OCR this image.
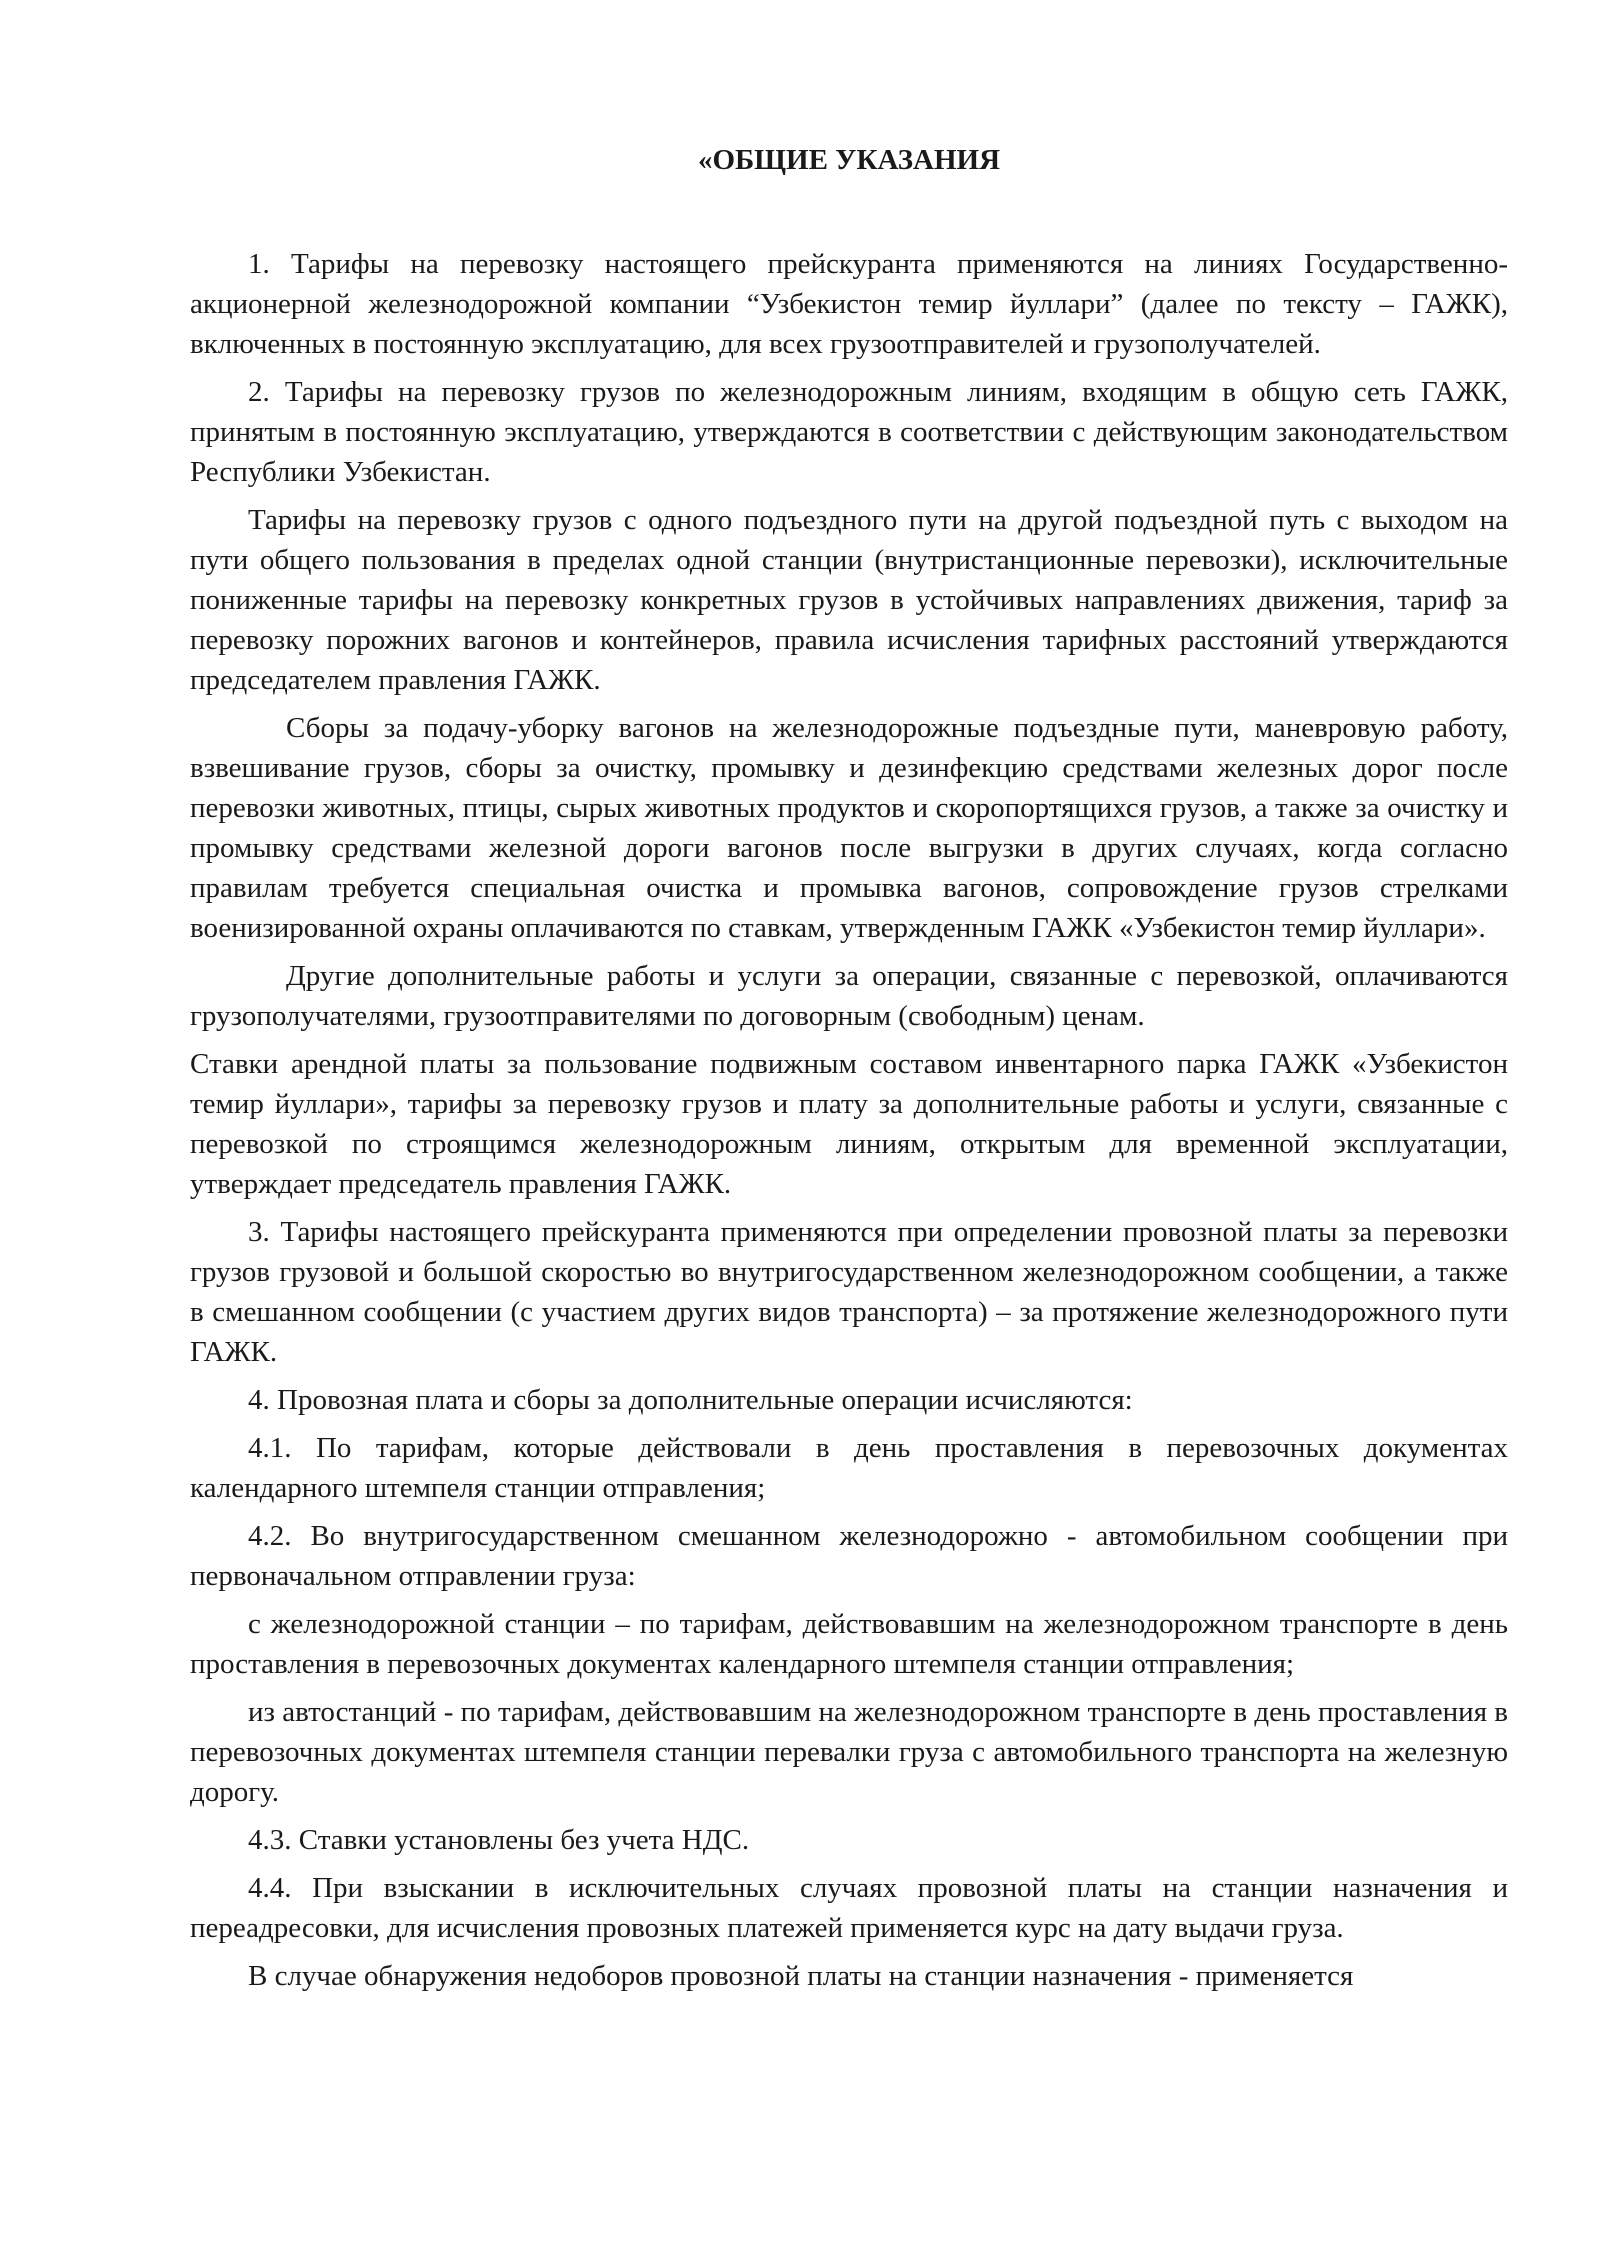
«ОБЩИЕ УКАЗАНИЯ

1. Тарифы на перевозку настоящего прейскуранта применяются на линиях Государственно-акционерной железнодорожной компании “Узбекистон темир йуллари” (далее по тексту – ГАЖК), включенных в постоянную эксплуатацию, для всех грузоотправителей и грузополучателей.

2. Тарифы на перевозку грузов по железнодорожным линиям, входящим в общую сеть ГАЖК, принятым в постоянную эксплуатацию, утверждаются в соответствии с действующим законодательством Республики Узбекистан.

Тарифы на перевозку грузов с одного подъездного пути на другой подъездной путь с выходом на пути общего пользования в пределах одной станции (внутристанционные перевозки), исключительные пониженные тарифы на перевозку конкретных грузов в устойчивых направлениях движения, тариф за перевозку порожних вагонов и контейнеров, правила исчисления тарифных расстояний утверждаются председателем правления ГАЖК.

Сборы за подачу-уборку вагонов на железнодорожные подъездные пути, маневровую работу, взвешивание грузов, сборы за очистку, промывку и дезинфекцию средствами железных дорог после перевозки животных, птицы, сырых животных продуктов и скоропортящихся грузов, а также за очистку и промывку средствами железной дороги вагонов после выгрузки в других случаях, когда согласно правилам требуется специальная очистка и промывка вагонов, сопровождение грузов стрелками военизированной охраны оплачиваются по ставкам, утвержденным ГАЖК «Узбекистон темир йуллари».

Другие дополнительные работы и услуги за операции, связанные с перевозкой, оплачиваются грузополучателями, грузоотправителями по договорным (свободным) ценам.

Ставки арендной платы за пользование подвижным составом инвентарного парка ГАЖК «Узбекистон темир йуллари», тарифы за перевозку грузов и плату за дополнительные работы и услуги, связанные с перевозкой по строящимся железнодорожным линиям, открытым для временной эксплуатации, утверждает председатель правления ГАЖК.

3. Тарифы настоящего прейскуранта применяются при определении провозной платы за перевозки грузов грузовой и большой скоростью во внутригосударственном железнодорожном сообщении, а также в смешанном сообщении (с участием других видов транспорта) – за протяжение железнодорожного пути ГАЖК.

4. Провозная плата и сборы за дополнительные операции исчисляются:

4.1. По тарифам, которые действовали в день проставления в перевозочных документах календарного штемпеля станции отправления;

4.2. Во внутригосударственном смешанном железнодорожно - автомобильном сообщении при первоначальном отправлении груза:

с железнодорожной станции – по тарифам, действовавшим на железнодорожном транспорте в день проставления в перевозочных документах календарного штемпеля станции отправления;

из автостанций - по тарифам, действовавшим на железнодорожном транспорте в день проставления в перевозочных документах штемпеля станции перевалки груза с автомобильного транспорта на железную дорогу.

4.3. Ставки установлены без учета НДС.

4.4. При взыскании в исключительных случаях провозной платы на станции назначения и переадресовки, для исчисления провозных платежей применяется курс на дату выдачи груза.

В случае обнаружения недоборов провозной платы на станции назначения - применяется
